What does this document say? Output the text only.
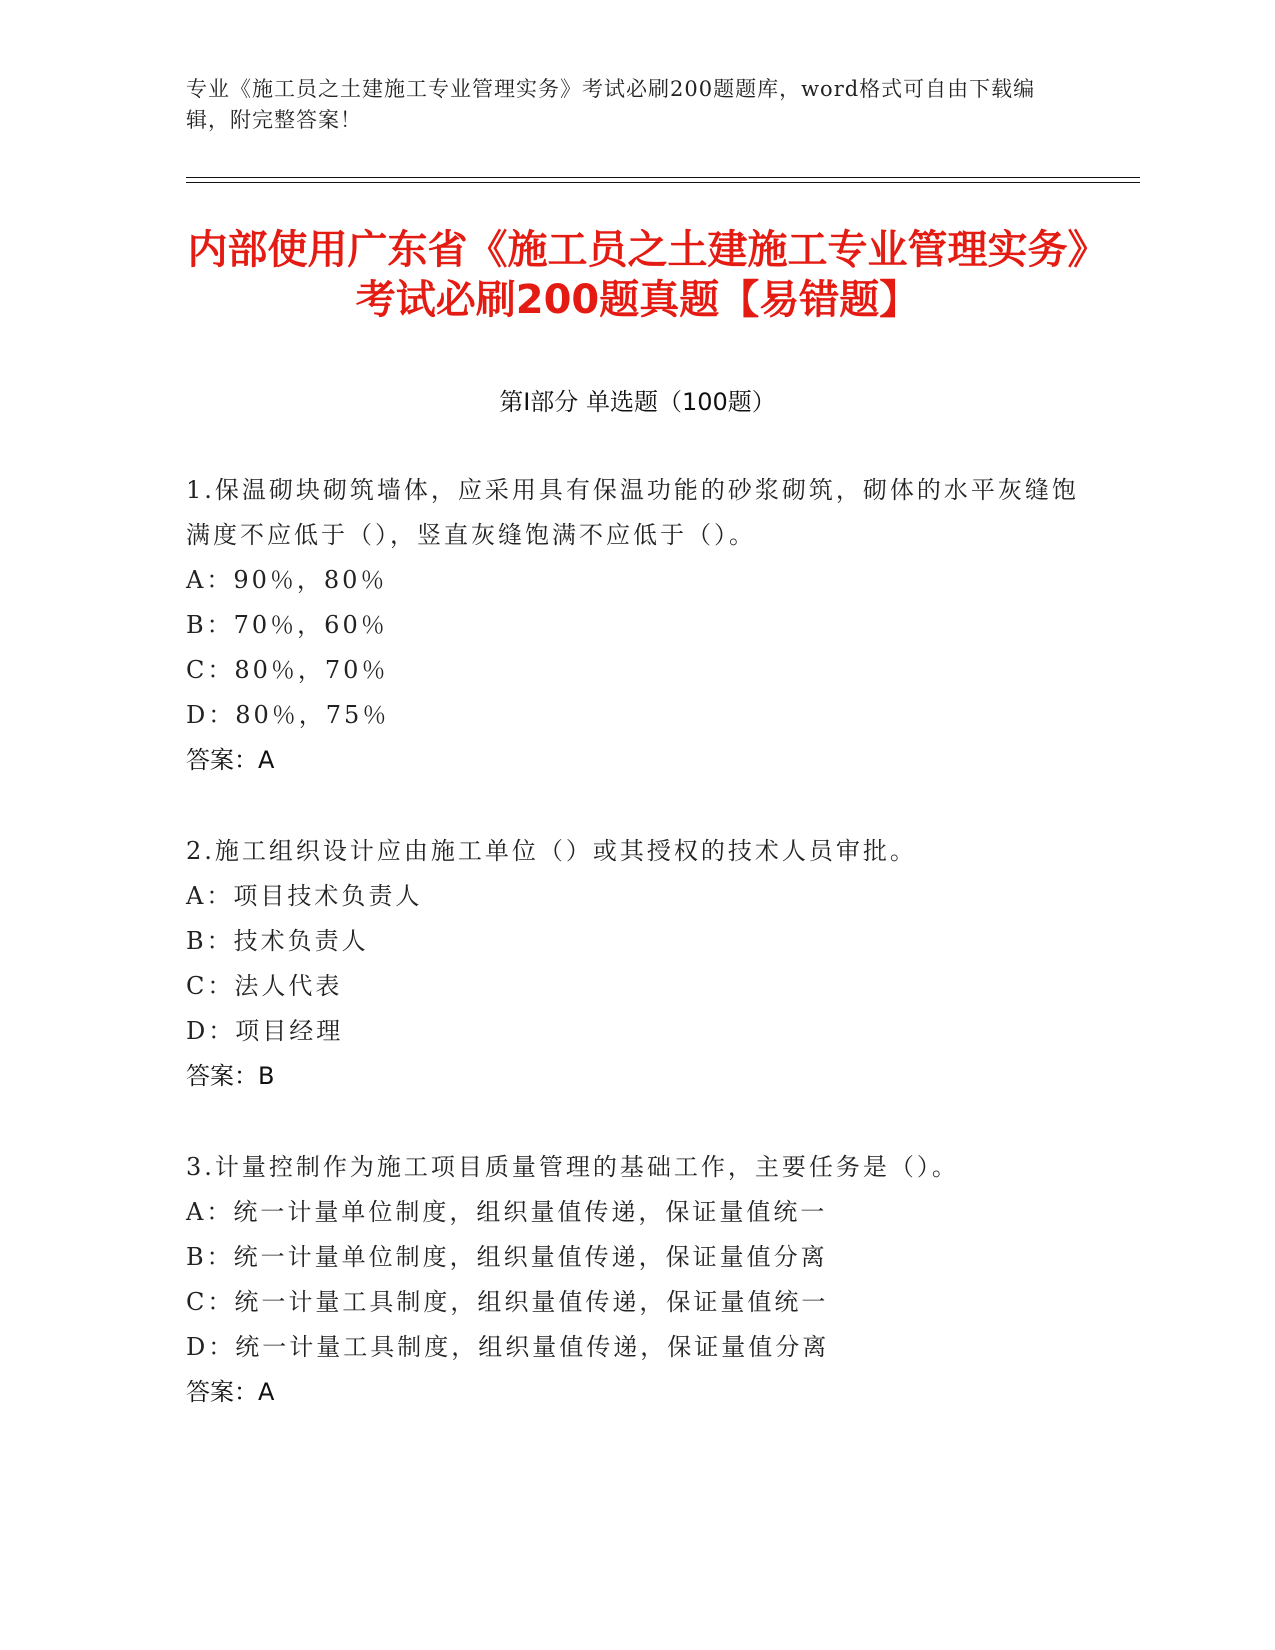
专业《施工员之土建施工专业管理实务》考试必刷200题题库，word格式可自由下载编辑，附完整答案！
内部使用广东省《施工员之土建施工专业管理实务》考试必刷200题真题【易错题】
第I部分 单选题（100题）
1.保温砌块砌筑墙体，应采用具有保温功能的砂浆砌筑，砌体的水平灰缝饱满度不应低于（），竖直灰缝饱满不应低于（）。
A：90％，80％
B：70％，60％
C：80％，70％
D：80％，75％
答案：A
2.施工组织设计应由施工单位（）或其授权的技术人员审批。
A：项目技术负责人
B：技术负责人
C：法人代表
D：项目经理
答案：B
3.计量控制作为施工项目质量管理的基础工作，主要任务是（）。
A：统一计量单位制度，组织量值传递，保证量值统一
B：统一计量单位制度，组织量值传递，保证量值分离
C：统一计量工具制度，组织量值传递，保证量值统一
D：统一计量工具制度，组织量值传递，保证量值分离
答案：A
